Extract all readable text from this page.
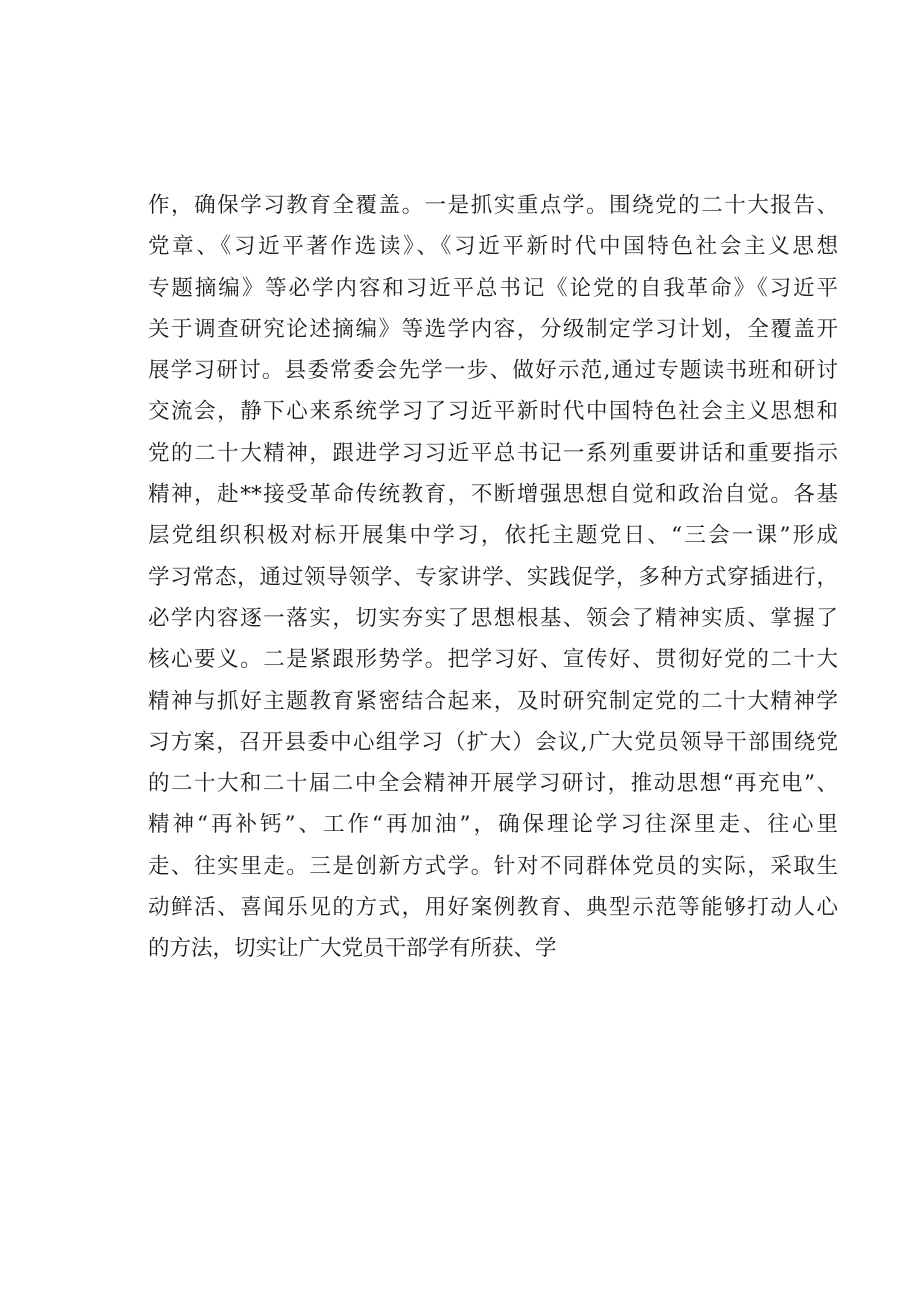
作，确保学习教育全覆盖。一是抓实重点学。围绕党的二十大报告、
党章、《习近平著作选读》、《习近平新时代中国特色社会主义思想
专题摘编》等必学内容和习近平总书记《论党的自我革命》《习近平
关于调查研究论述摘编》等选学内容，分级制定学习计划，全覆盖开
展学习研讨。县委常委会先学一步、做好示范,通过专题读书班和研讨
交流会，静下心来系统学习了习近平新时代中国特色社会主义思想和
党的二十大精神，跟进学习习近平总书记一系列重要讲话和重要指示
精神，赴**接受革命传统教育，不断增强思想自觉和政治自觉。各基
层党组织积极对标开展集中学习，依托主题党日、“三会一课”形成
学习常态，通过领导领学、专家讲学、实践促学，多种方式穿插进行，
必学内容逐一落实，切实夯实了思想根基、领会了精神实质、掌握了
核心要义。二是紧跟形势学。把学习好、宣传好、贯彻好党的二十大
精神与抓好主题教育紧密结合起来，及时研究制定党的二十大精神学
习方案，召开县委中心组学习（扩大）会议,广大党员领导干部围绕党
的二十大和二十届二中全会精神开展学习研讨，推动思想“再充电”、
精神“再补钙”、工作“再加油”，确保理论学习往深里走、往心里
走、往实里走。三是创新方式学。针对不同群体党员的实际，采取生
动鲜活、喜闻乐见的方式，用好案例教育、典型示范等能够打动人心
的方法，切实让广大党员干部学有所获、学
